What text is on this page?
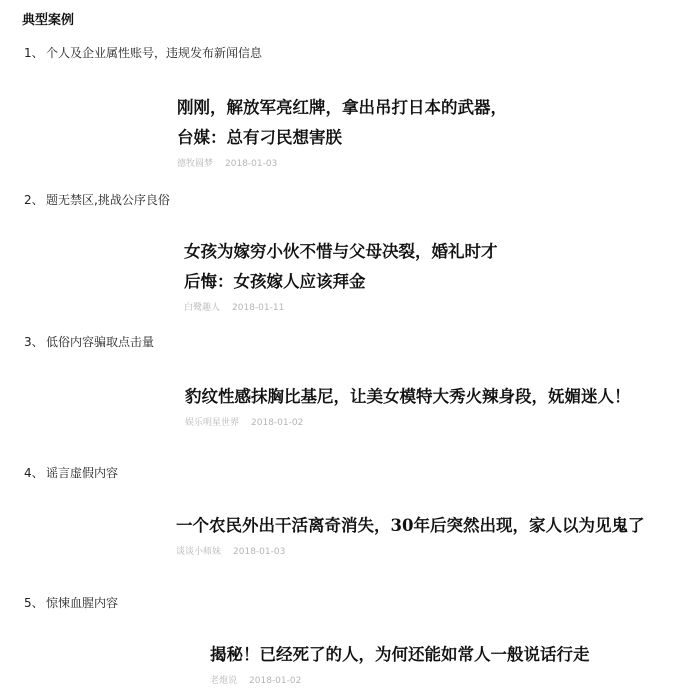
典型案例
1、 个人及企业属性账号，违规发布新闻信息
刚刚，解放军亮红牌，拿出吊打日本的武器，台媒：总有刁民想害朕
德牧圆梦 2018-01-03
2、 题无禁区,挑战公序良俗
女孩为嫁穷小伙不惜与父母决裂，婚礼时才后悔：女孩嫁人应该拜金
白鹭趣人 2018-01-11
3、 低俗内容骗取点击量
豹纹性感抹胸比基尼，让美女模特大秀火辣身段，妩媚迷人！
娱乐明星世界 2018-01-02
4、 谣言虚假内容
一个农民外出干活离奇消失，30年后突然出现，家人以为见鬼了
谈谈小师妹 2018-01-03
5、 惊悚血腥内容
揭秘！已经死了的人，为何还能如常人一般说话行走
老炮说 2018-01-02
